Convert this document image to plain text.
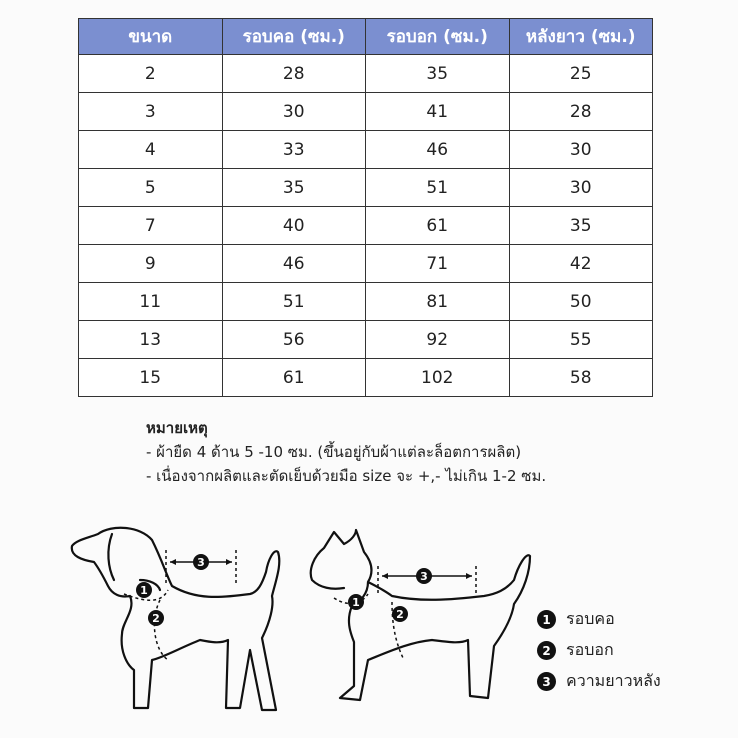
ขนาด	รอบคอ (ซม.)	รอบอก (ซม.)	หลังยาว (ซม.)
2	28	35	25
3	30	41	28
4	33	46	30
5	35	51	30
7	40	61	35
9	46	71	42
11	51	81	50
13	56	92	55
15	61	102	58
หมายเหตุ
- ผ้ายืด 4 ด้าน 5 -10 ซม. (ขึ้นอยู่กับผ้าแต่ละล็อตการผลิต)
- เนื่องจากผลิตและตัดเย็บด้วยมือ size จะ +,- ไม่เกิน 1-2 ซม.
3
1
2
3
1
2	1 รอบคอ
2 รอบอก
3 ความยาวหลัง
